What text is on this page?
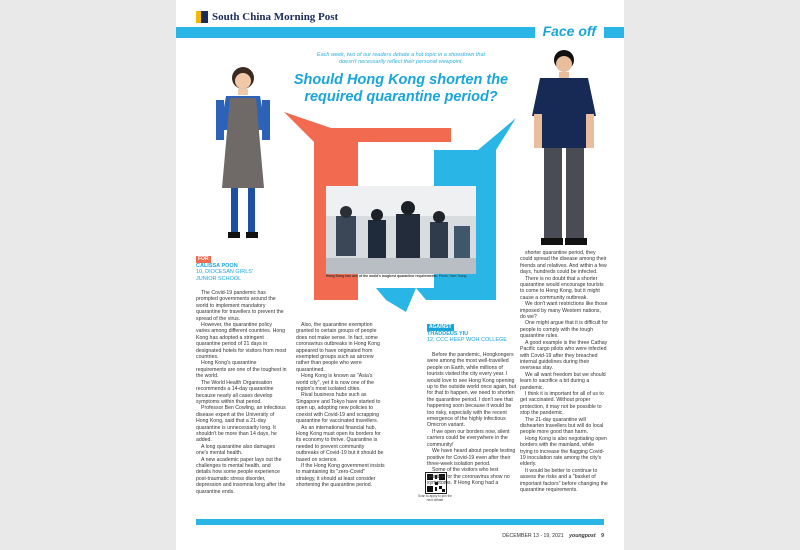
South China Morning Post
Face off
Each week, two of our readers debate a hot topic in a showdown that doesn't necessarily reflect their personal viewpoint.
Should Hong Kong shorten the required quarantine period?
Hong Kong has one of the world's toughest quarantine requirements. Photo: Sam Tsang
FOR
CALISSA POON
10, DIOCESAN GIRLS'
JUNIOR SCHOOL
AGAINST
THADDEUS YIU
12, CCC HEEP WOH COLLEGE

The Covid-19 pandemic has prompted governments around the world to implement mandatory quarantine for travellers to prevent the spread of the virus.

However, the quarantine policy varies among different countries. Hong Kong has adopted a stringent quarantine period of 21 days in designated hotels for visitors from most countries.

Hong Kong's quarantine requirements are one of the toughest in the world.

The World Health Organisation recommends a 14-day quarantine because nearly all cases develop symptoms within that period.

Professor Ben Cowling, an infectious disease expert at the University of Hong Kong, said that a 21-day quarantine is unnecessarily long. It shouldn't be more than 14 days, he added.

A long quarantine also damages one's mental health.

A new academic paper lays out the challenges to mental health, and details how some people experience post-traumatic stress disorder, depression and insomnia long after the quarantine ends.

Also, the quarantine exemption granted to certain groups of people does not make sense. In fact, some coronavirus outbreaks in Hong Kong appeared to have originated from exempted groups such as aircrew rather than people who were quarantined.

Hong Kong is known as "Asia's world city", yet it is now one of the region's most isolated cities.

Rival business hubs such as Singapore and Tokyo have started to open up, adopting new policies to coexist with Covid-19 and scrapping quarantine for vaccinated travellers.

As an international financial hub, Hong Kong must open its borders for its economy to thrive. Quarantine is needed to prevent community outbreaks of Covid-19 but it should be based on science.

If the Hong Kong government insists to maintaining its "zero-Covid" strategy, it should at least consider shortening the quarantine period.

Scan to apply to join the next debate

Before the pandemic, Hongkongers were among the most well-travelled people on Earth, while millions of tourists visited the city every year. I would love to see Hong Kong opening up to the outside world once again, but for that to happen, we need to shorten the quarantine period. I don't see that happening soon because it would be too risky, especially with the recent emergence of the highly infectious Omicron variant.

If we open our borders now, silent carriers could be everywhere in the community!

We have heard about people testing positive for Covid-19 even after their three-week isolation period.

Some of the visitors who test positive for the coronavirus show no symptoms. If Hong Kong had a

shorter quarantine period, they could spread the disease among their friends and relatives. And within a few days, hundreds could be infected.

There is no doubt that a shorter quarantine would encourage tourists to come to Hong Kong, but it might cause a community outbreak.

We don't want restrictions like those imposed by many Western nations, do we?

One might argue that it is difficult for people to comply with the tough quarantine rules.

A good example is the three Cathay Pacific cargo pilots who were infected with Covid-19 after they breached internal guidelines during their overseas stay.

We all want freedom but we should learn to sacrifice a bit during a pandemic.

I think it is important for all of us to get vaccinated. Without proper protection, it may not be possible to stop the pandemic.

The 21-day quarantine will dishearten travellers but will do local people more good than harm.

Hong Kong is also negotiating open borders with the mainland, while trying to increase the flagging Covid-19 inoculation rate among the city's elderly.

It would be better to continue to assess the risks and a "basket of important factors" before changing the quarantine requirements.

DECEMBER 13 - 19, 2021 youngpost 9
